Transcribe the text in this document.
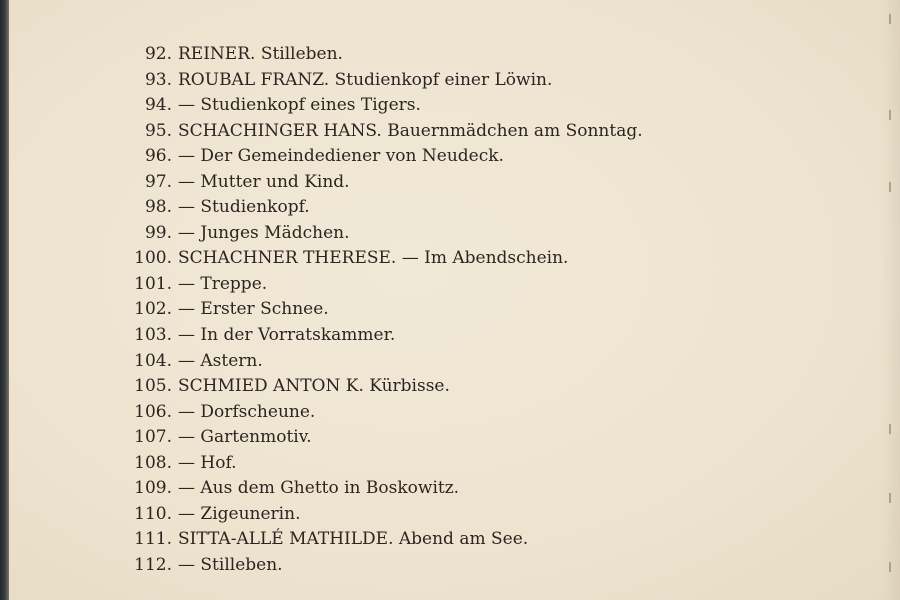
92. REINER. Stilleben.
93. ROUBAL FRANZ. Studienkopf einer Löwin.
94. — Studienkopf eines Tigers.
95. SCHACHINGER HANS. Bauernmädchen am Sonntag.
96. — Der Gemeindediener von Neudeck.
97. — Mutter und Kind.
98. — Studienkopf.
99. — Junges Mädchen.
100. SCHACHNER THERESE. — Im Abendschein.
101. — Treppe.
102. — Erster Schnee.
103. — In der Vorratskammer.
104. — Astern.
105. SCHMIED ANTON K. Kürbisse.
106. — Dorfscheune.
107. — Gartenmotiv.
108. — Hof.
109. — Aus dem Ghetto in Boskowitz.
110. — Zigeunerin.
111. SITTA-ALLÉ MATHILDE. Abend am See.
112. — Stilleben.
